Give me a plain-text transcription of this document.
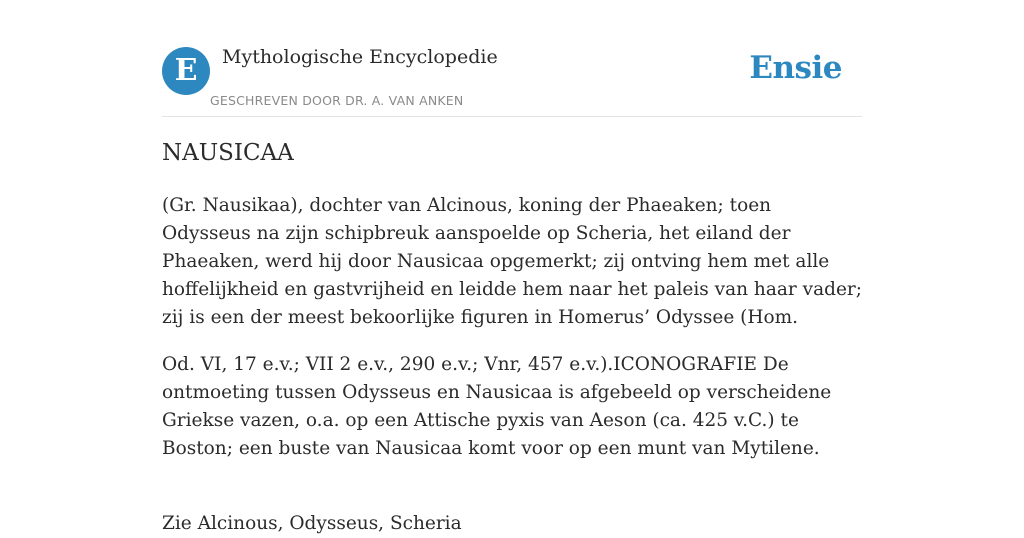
E	Mythologische Encyclopedie
GESCHREVEN DOOR DR. A. VAN ANKEN
Ensie
NAUSICAA

(Gr. Nausikaa), dochter van Alcinous, koning der Phaeaken; toen Odysseus na zijn schipbreuk aanspoelde op Scheria, het eiland der Phaeaken, werd hij door Nausicaa opgemerkt; zij ontving hem met alle hoffelijkheid en gastvrijheid en leidde hem naar het paleis van haar vader; zij is een der meest bekoorlijke figuren in Homerus’ Odyssee (Hom.

Od. VI, 17 e.v.; VII 2 e.v., 290 e.v.; Vnr, 457 e.v.).ICONOGRAFIE De ontmoeting tussen Odysseus en Nausicaa is afgebeeld op verscheidene Griekse vazen, o.a. op een Attische pyxis van Aeson (ca. 425 v.C.) te Boston; een buste van Nausicaa komt voor op een munt van Mytilene.

Zie Alcinous, Odysseus, Scheria
